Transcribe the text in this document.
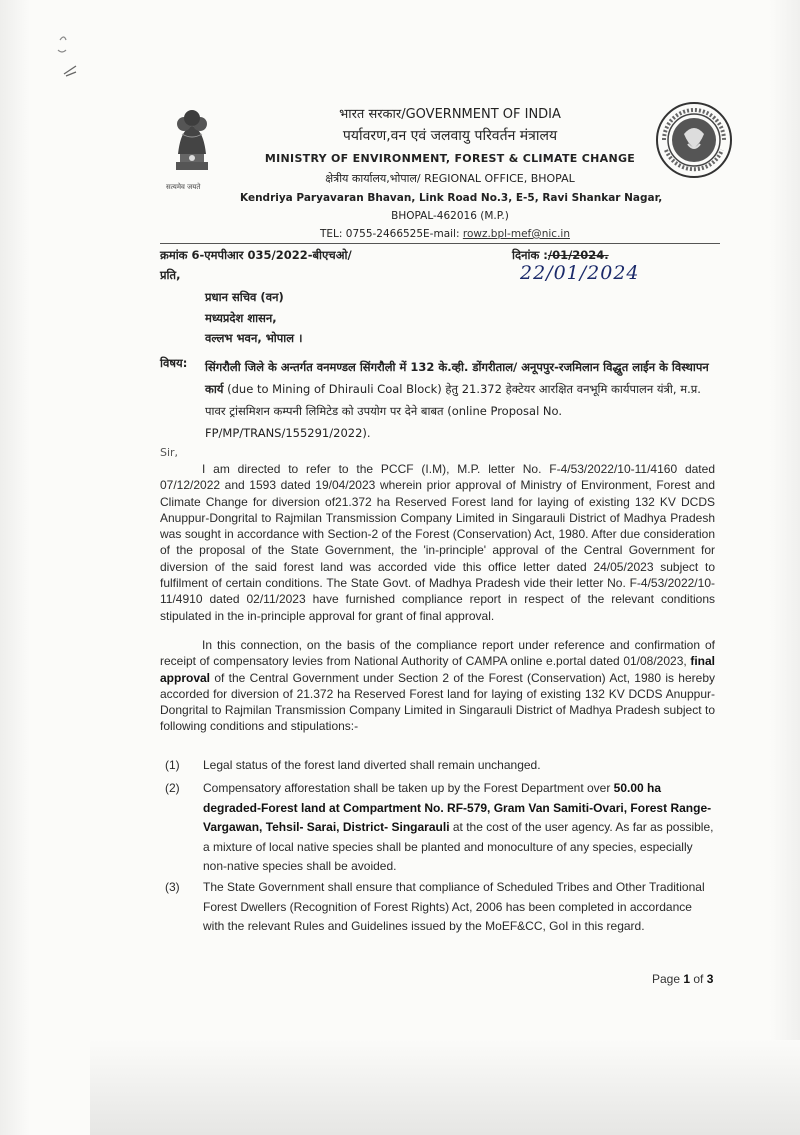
सत्यमेव जयते
भारत सरकार/GOVERNMENT OF INDIA
पर्यावरण,वन एवं जलवायु परिवर्तन मंत्रालय
MINISTRY OF ENVIRONMENT, FOREST & CLIMATE CHANGE
क्षेत्रीय कार्यालय,भोपाल/ REGIONAL OFFICE, BHOPAL
Kendriya Paryavaran Bhavan, Link Road No.3, E-5, Ravi Shankar Nagar,
BHOPAL-462016 (M.P.)
TEL: 0755-2466525E-mail: rowz.bpl-mef@nic.in
क्रमांक 6-एमपीआर 035/2022-बीएचओ/
प्रति,
दिनांक :/01/2024.
22/01/2024
प्रधान सचिव (वन)
मध्यप्रदेश शासन,
वल्लभ भवन, भोपाल ।
विषय: सिंगरौली जिले के अन्तर्गत वनमण्डल सिंगरौली में 132 के.व्ही. डोंगरीताल/ अनूपपुर-रजमिलान विद्धुत लाईन के विस्थापन कार्य (due to Mining of Dhirauli Coal Block) हेतु 21.372 हेक्टेयर आरक्षित वनभूमि कार्यपालन यंत्री, म.प्र. पावर ट्रांसमिशन कम्पनी लिमिटेड को उपयोग पर देने बाबत (online Proposal No. FP/MP/TRANS/155291/2022).
Sir,
I am directed to refer to the PCCF (I.M), M.P. letter No. F-4/53/2022/10-11/4160 dated 07/12/2022 and 1593 dated 19/04/2023 wherein prior approval of Ministry of Environment, Forest and Climate Change for diversion of21.372 ha Reserved Forest land for laying of existing 132 KV DCDS Anuppur-Dongrital to Rajmilan Transmission Company Limited in Singarauli District of Madhya Pradesh was sought in accordance with Section-2 of the Forest (Conservation) Act, 1980. After due consideration of the proposal of the State Government, the 'in-principle' approval of the Central Government for diversion of the said forest land was accorded vide this office letter dated 24/05/2023 subject to fulfilment of certain conditions. The State Govt. of Madhya Pradesh vide their letter No. F-4/53/2022/10-11/4910 dated 02/11/2023 have furnished compliance report in respect of the relevant conditions stipulated in the in-principle approval for grant of final approval.
In this connection, on the basis of the compliance report under reference and confirmation of receipt of compensatory levies from National Authority of CAMPA online e.portal dated 01/08/2023, final approval of the Central Government under Section 2 of the Forest (Conservation) Act, 1980 is hereby accorded for diversion of 21.372 ha Reserved Forest land for laying of existing 132 KV DCDS Anuppur-Dongrital to Rajmilan Transmission Company Limited in Singarauli District of Madhya Pradesh subject to following conditions and stipulations:-
(1) Legal status of the forest land diverted shall remain unchanged.
(2) Compensatory afforestation shall be taken up by the Forest Department over 50.00 ha degraded-Forest land at Compartment No. RF-579, Gram Van Samiti-Ovari, Forest Range- Vargawan, Tehsil- Sarai, District- Singarauli at the cost of the user agency. As far as possible, a mixture of local native species shall be planted and monoculture of any species, especially non-native species shall be avoided.
(3) The State Government shall ensure that compliance of Scheduled Tribes and Other Traditional Forest Dwellers (Recognition of Forest Rights) Act, 2006 has been completed in accordance with the relevant Rules and Guidelines issued by the MoEF&CC, GoI in this regard.
Page 1 of 3
